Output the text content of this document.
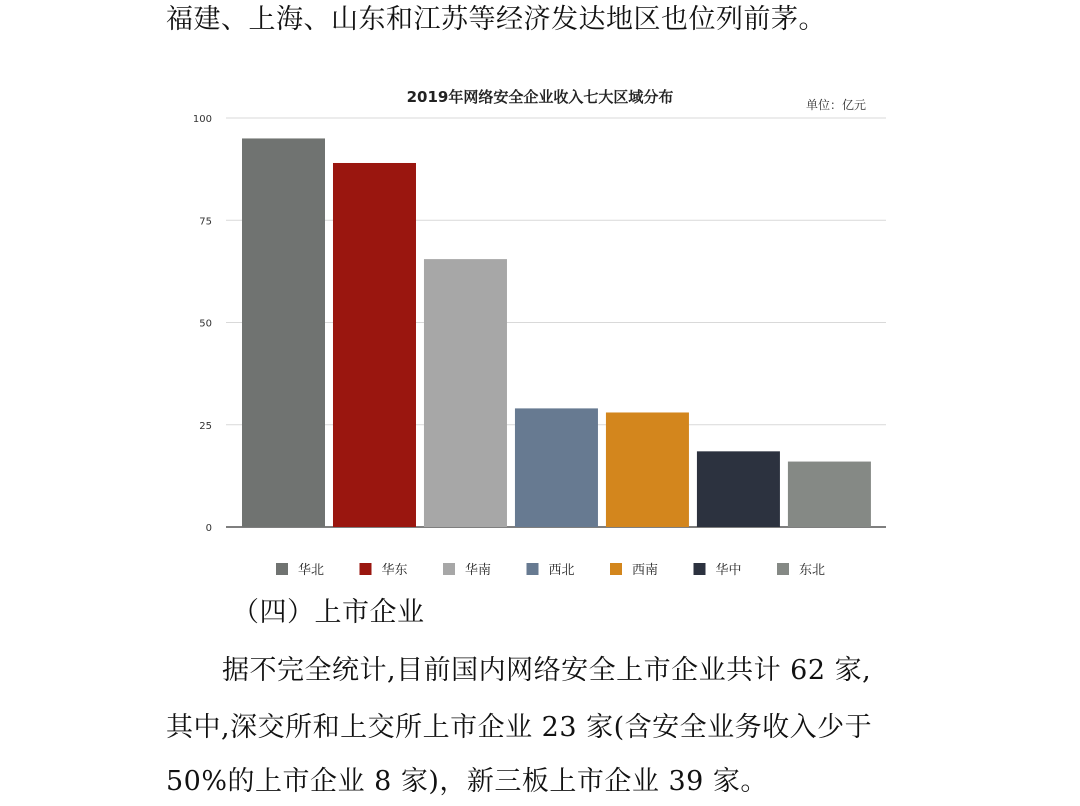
福建、上海、山东和江苏等经济发达地区也位列前茅。
2019年网络安全企业收入七大区域分布	单位：亿元
0
25
50
75
100
华北	华东	华南	西北	西南	华中	东北
（四）上市企业
据不完全统计,目前国内网络安全上市企业共计 62 家,
其中,深交所和上交所上市企业 23 家(含安全业务收入少于
50%的上市企业 8 家)，新三板上市企业 39 家。
